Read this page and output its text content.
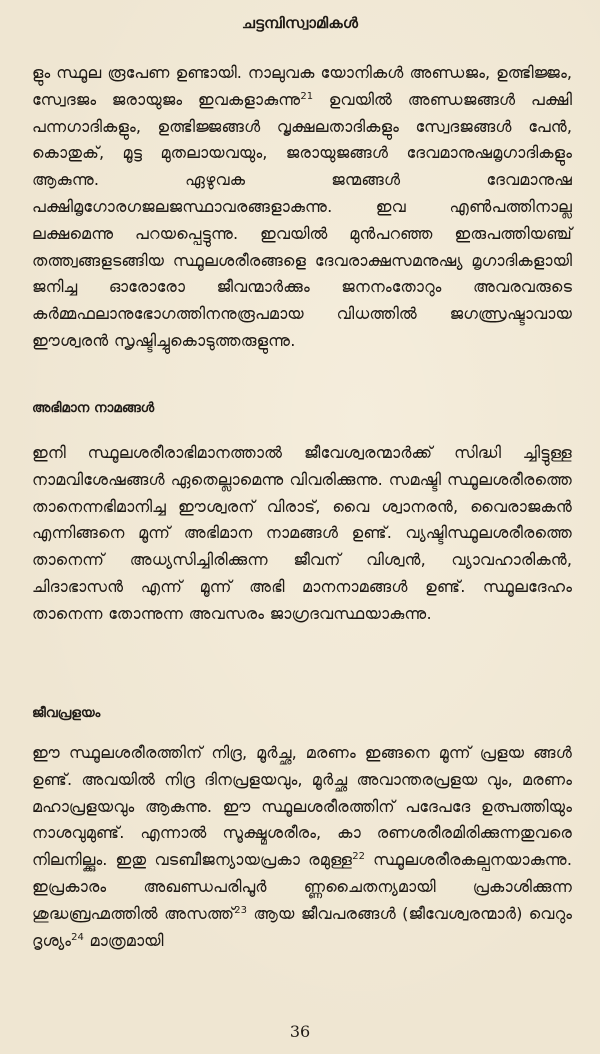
ചട്ടമ്പിസ്വാമികൾ

ളും സ്ഥൂല രൂപേണ ഉണ്ടായി. നാലുവക യോനികൾ അണ്ഡജം, ഉത്ഭിജ്ജം, സ്വേദജം ജരായുജം ഇവകളാകുന്നു$^{21}$ ഉവയിൽ അണ്ഡജങ്ങൾ പക്ഷി പന്നഗാദികളും, ഉത്ഭിജ്ജങ്ങൾ വൃക്ഷലതാദികളും സ്വേദജങ്ങൾ പേൻ, കൊതുക്, മൂട്ട മുതലായവയും, ജരായുജങ്ങൾ ദേവമാനുഷമൃഗാദികളും ആകുന്നു. ഏഴുവക ജന്മങ്ങൾ ദേവമാനുഷ പക്ഷിമൃഗോരഗജലജസ്ഥാവരങ്ങളാകുന്നു. ഇവ എൺപത്തിനാല്ല ലക്ഷമെന്നു പറയപ്പെട്ടുന്നു. ഇവയിൽ മുൻപറഞ്ഞ ഇരുപത്തിയഞ്ച് തത്ത്വങ്ങളടങ്ങിയ സ്ഥൂലശരീരങ്ങളെ ദേവരാക്ഷസമനുഷ്യ മൃഗാദികളായി ജനിച്ച ഓരോരോ ജീവന്മാർക്കും ജനനംതോറും അവരവരുടെ കർമ്മഫലാനുഭോഗത്തിനനുരൂപമായ വിധത്തിൽ ജഗത്സ്രഷ്ടാവായ ഈശ്വരൻ സൃഷ്ടിച്ചുകൊടുത്തരുളുന്നു.

അഭിമാന നാമങ്ങൾ

ഇനി സ്ഥൂലശരീരാഭിമാനത്താൽ ജീവേശ്വരന്മാർക്ക് സിദ്ധി ച്ചിട്ടുള്ള നാമവിശേഷങ്ങൾ ഏതെല്ലാമെന്നു വിവരിക്കുന്നു. സമഷ്ടി സ്ഥൂലശരീരത്തെ താനെന്നഭിമാനിച്ച ഈശ്വരന് വിരാട്, വൈ ശ്വാനരൻ, വൈരാജകൻ എന്നിങ്ങനെ മൂന്ന് അഭിമാന നാമങ്ങൾ ഉണ്ട്. വ്യഷ്ടിസ്ഥൂലശരീരത്തെ താനെന്ന് അധ്യസിച്ചിരിക്കുന്ന ജീവന് വിശ്വൻ, വ്യാവഹാരികൻ, ചിദാഭാസൻ എന്ന് മൂന്ന് അഭി മാനനാമങ്ങൾ ഉണ്ട്. സ്ഥൂലദേഹം താനെന്ന തോന്നുന്ന അവസരം ജാഗ്രദവസ്ഥയാകുന്നു.

ജീവപ്രളയം

ഈ സ്ഥൂലശരീരത്തിന് നിദ്ര, മൂർച്ഛ, മരണം ഇങ്ങനെ മൂന്ന് പ്രളയ ങ്ങൾ ഉണ്ട്. അവയിൽ നിദ്ര ദിനപ്രളയവും, മൂർച്ഛ അവാന്തരപ്രളയ വും, മരണം മഹാപ്രളയവും ആകുന്നു. ഈ സ്ഥൂലശരീരത്തിന് പദേപദേ ഉത്പത്തിയും നാശവുമുണ്ട്. എന്നാൽ സൂക്ഷ്മശരീരം, കാ രണശരീരമിരിക്കുന്നതുവരെ നിലനില്ക്കും. ഇതു വടബീജന്യായപ്രകാ രമുള്ള$^{22}$ സ്ഥൂലശരീരകല്പനയാകുന്നു. ഇപ്രകാരം അഖണ്ഡപരിപൂർ ണ്ണചൈതന്യമായി പ്രകാശിക്കുന്ന ശുദ്ധബ്രഹ്മത്തിൽ അസത്ത്$^{23}$ ആയ ജീവപരങ്ങൾ (ജീവേശ്വരന്മാർ) വെറും ദൃശ്യം$^{24}$ മാത്രമായി

36
